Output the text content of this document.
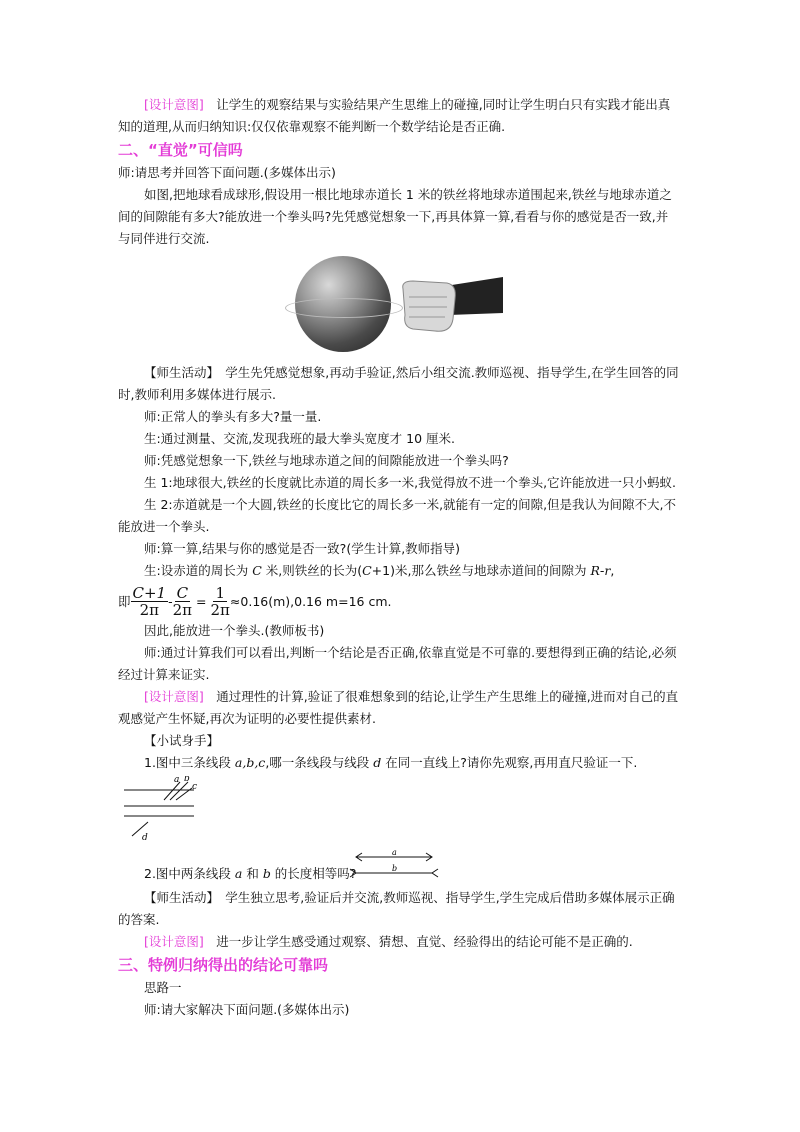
[设计意图]　让学生的观察结果与实验结果产生思维上的碰撞,同时让学生明白只有实践才能出真知的道理,从而归纳知识:仅仅依靠观察不能判断一个数学结论是否正确.

二、“直觉”可信吗

师:请思考并回答下面问题.(多媒体出示)

如图,把地球看成球形,假设用一根比地球赤道长 1 米的铁丝将地球赤道围起来,铁丝与地球赤道之间的间隙能有多大?能放进一个拳头吗?先凭感觉想象一下,再具体算一算,看看与你的感觉是否一致,并与同伴进行交流.

【师生活动】　学生先凭感觉想象,再动手验证,然后小组交流.教师巡视、指导学生,在学生回答的同时,教师利用多媒体进行展示.

师:正常人的拳头有多大?量一量.

生:通过测量、交流,发现我班的最大拳头宽度才 10 厘米.

师:凭感觉想象一下,铁丝与地球赤道之间的间隙能放进一个拳头吗?

生 1:地球很大,铁丝的长度就比赤道的周长多一米,我觉得放不进一个拳头,它许能放进一只小蚂蚁.

生 2:赤道就是一个大圆,铁丝的长度比它的周长多一米,就能有一定的间隙,但是我认为间隙不大,不能放进一个拳头.

师:算一算,结果与你的感觉是否一致?(学生计算,教师指导)

生:设赤道的周长为 C 米,则铁丝的长为(C+1)米,那么铁丝与地球赤道间的间隙为 R-r,

即 $\frac{C+1}{2\pi} - \frac{C}{2\pi} = \frac{1}{2\pi} \approx 0.16(m),0.16$ m=16 cm.

因此,能放进一个拳头.(教师板书)

师:通过计算我们可以看出,判断一个结论是否正确,依靠直觉是不可靠的.要想得到正确的结论,必须经过计算来证实.

[设计意图]　通过理性的计算,验证了很难想象到的结论,让学生产生思维上的碰撞,进而对自己的直观感觉产生怀疑,再次为证明的必要性提供素材.

【小试身手】

1.图中三条线段 a,b,c,哪一条线段与线段 d 在同一直线上?请你先观察,再用直尺验证一下.

a b
c
d

2.图中两条线段 a 和 b 的长度相等吗?

a
b

【师生活动】　学生独立思考,验证后并交流,教师巡视、指导学生,学生完成后借助多媒体展示正确的答案.

[设计意图]　进一步让学生感受通过观察、猜想、直觉、经验得出的结论可能不是正确的.

三、特例归纳得出的结论可靠吗

思路一

师:请大家解决下面问题.(多媒体出示)
